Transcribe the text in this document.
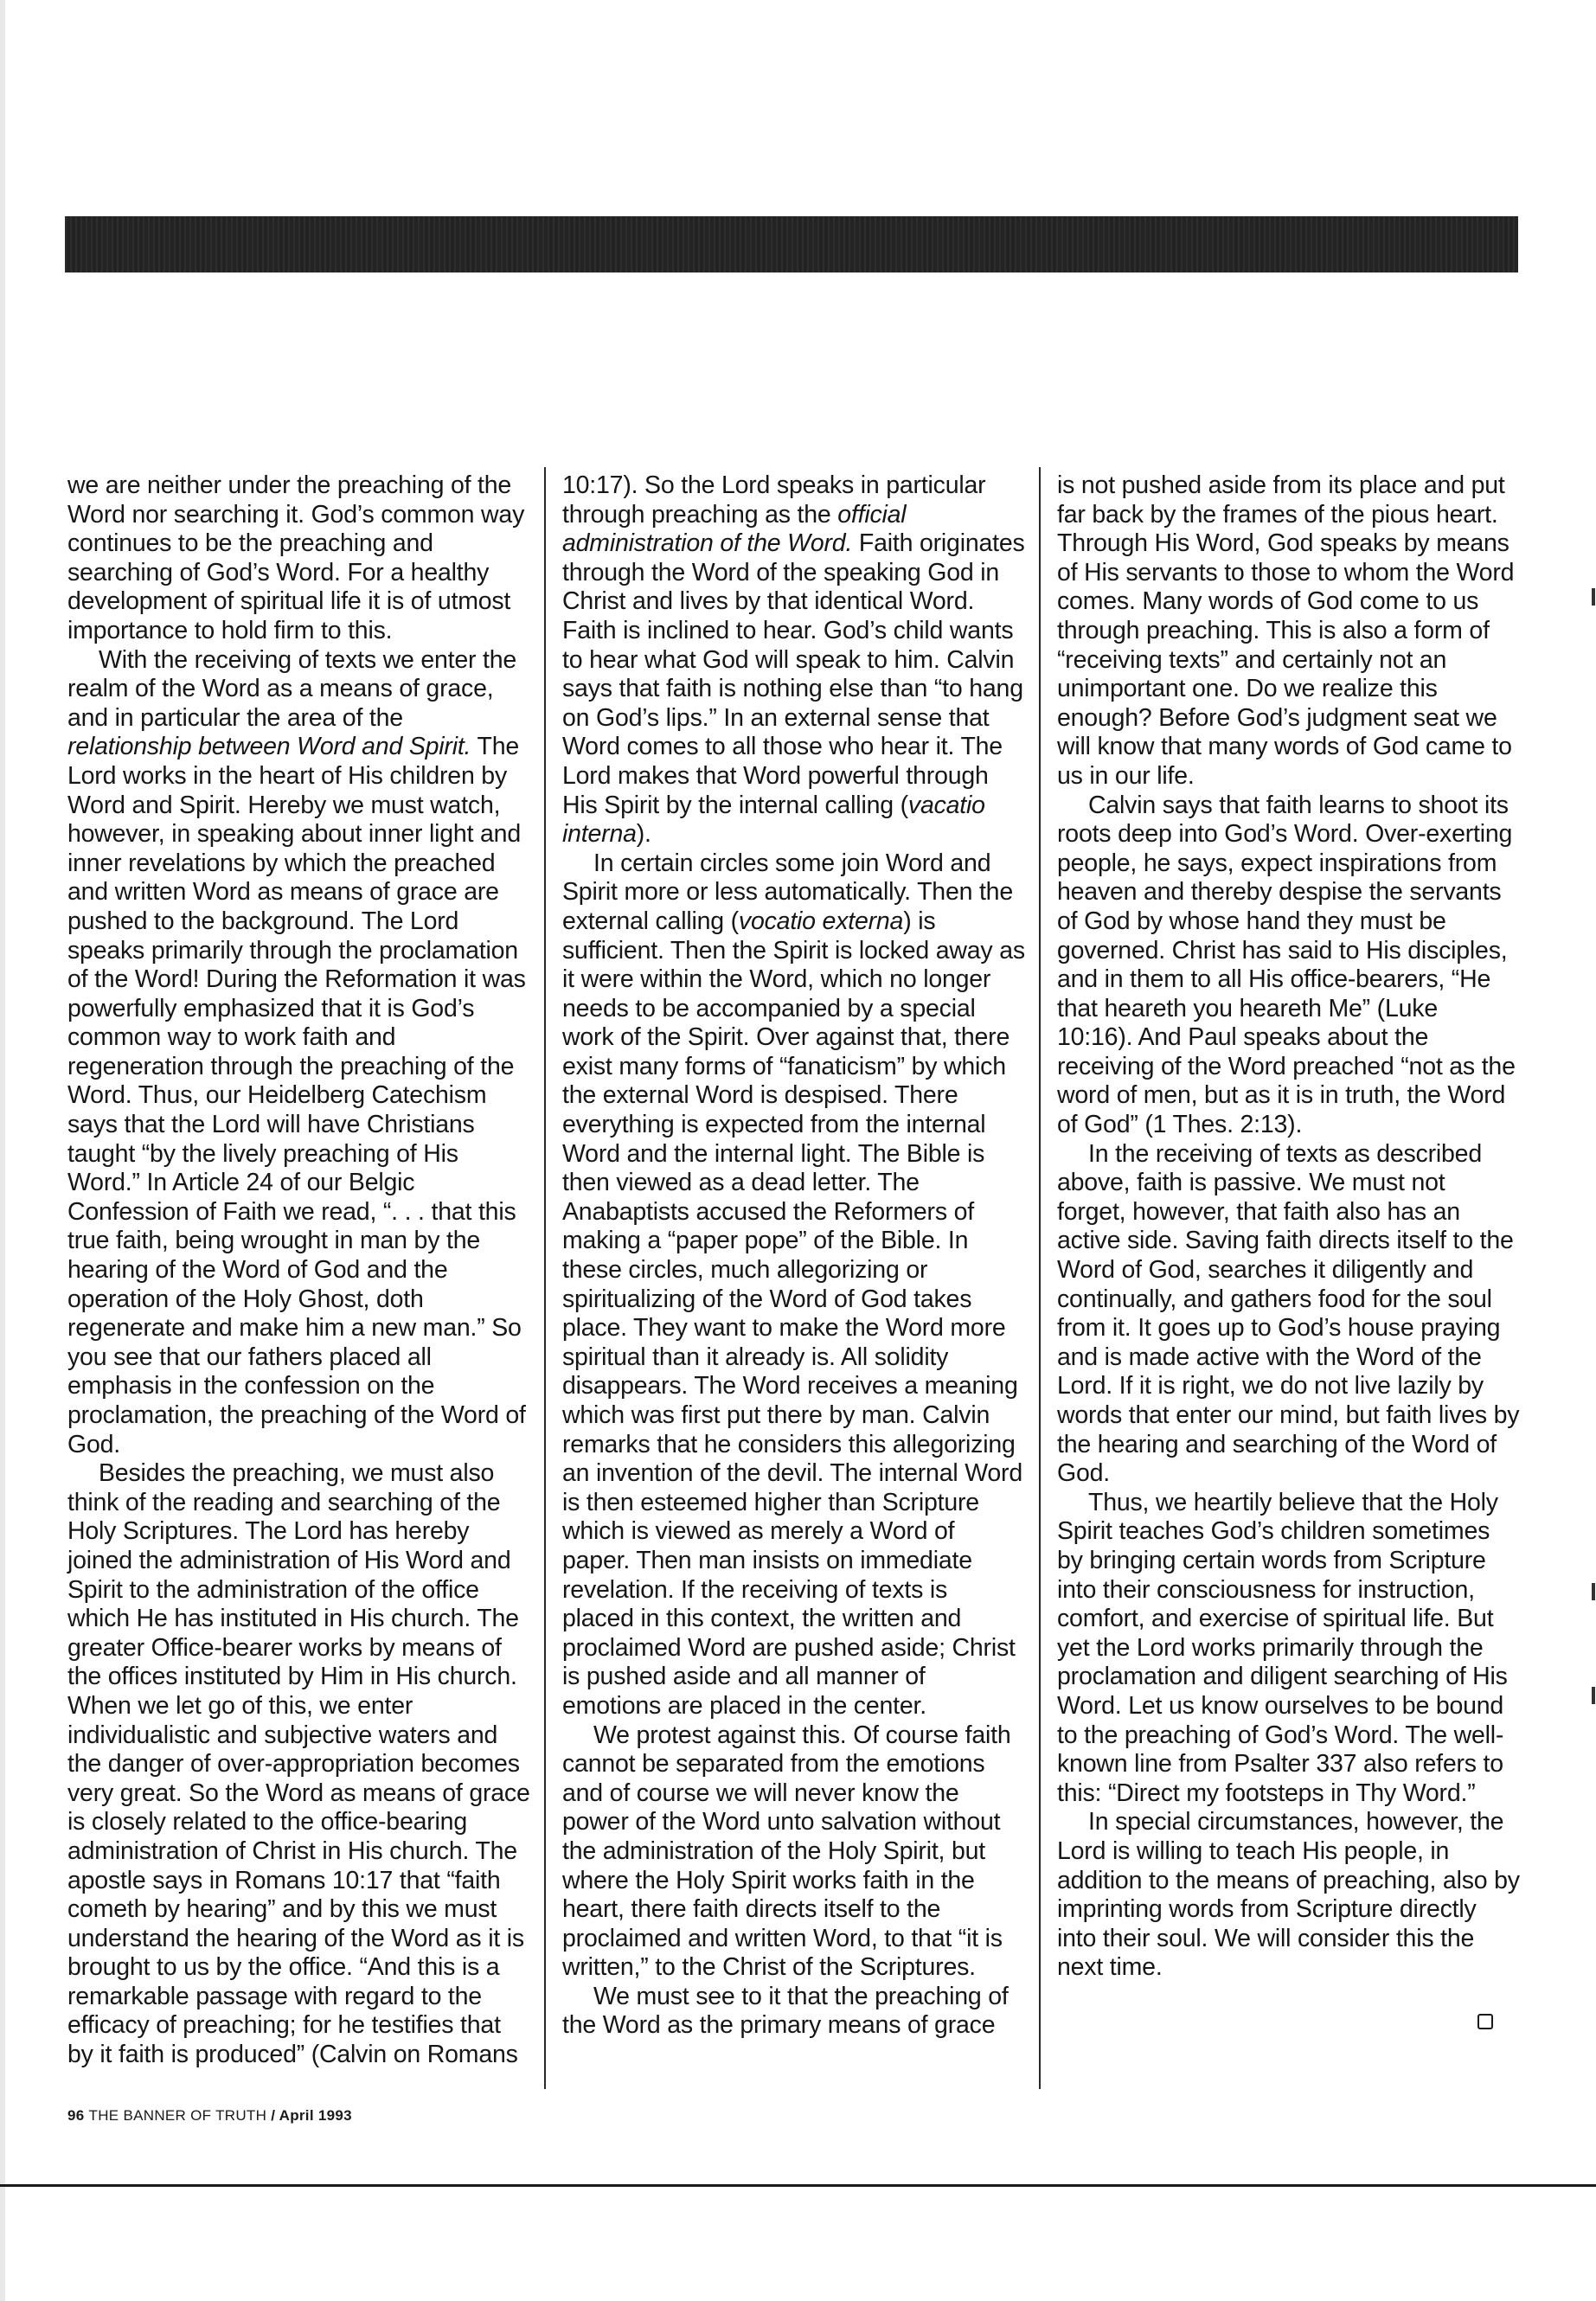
we are neither under the preaching of the Word nor searching it. God’s common way continues to be the preaching and searching of God’s Word. For a healthy development of spiritual life it is of utmost importance to hold firm to this.

With the receiving of texts we enter the realm of the Word as a means of grace, and in particular the area of the relationship between Word and Spirit. The Lord works in the heart of His children by Word and Spirit. Hereby we must watch, however, in speaking about inner light and inner revelations by which the preached and written Word as means of grace are pushed to the background. The Lord speaks primarily through the proclamation of the Word! During the Reformation it was powerfully emphasized that it is God’s common way to work faith and regeneration through the preaching of the Word. Thus, our Heidelberg Catechism says that the Lord will have Christians taught “by the lively preaching of His Word.” In Article 24 of our Belgic Confession of Faith we read, “. . . that this true faith, being wrought in man by the hearing of the Word of God and the operation of the Holy Ghost, doth regenerate and make him a new man.” So you see that our fathers placed all emphasis in the confession on the proclamation, the preaching of the Word of God.

Besides the preaching, we must also think of the reading and searching of the Holy Scriptures. The Lord has hereby joined the administration of His Word and Spirit to the administration of the office which He has instituted in His church. The greater Office-bearer works by means of the offices instituted by Him in His church. When we let go of this, we enter individualistic and subjective waters and the danger of over-appropriation becomes very great. So the Word as means of grace is closely related to the office-bearing administration of Christ in His church. The apostle says in Romans 10:17 that “faith cometh by hearing” and by this we must understand the hearing of the Word as it is brought to us by the office. “And this is a remarkable passage with regard to the efficacy of preaching; for he testifies that by it faith is produced” (Calvin on Romans

10:17). So the Lord speaks in particular through preaching as the official administration of the Word. Faith originates through the Word of the speaking God in Christ and lives by that identical Word. Faith is inclined to hear. God’s child wants to hear what God will speak to him. Calvin says that faith is nothing else than “to hang on God’s lips.” In an external sense that Word comes to all those who hear it. The Lord makes that Word powerful through His Spirit by the internal calling (vacatio interna).

In certain circles some join Word and Spirit more or less automatically. Then the external calling (vocatio externa) is sufficient. Then the Spirit is locked away as it were within the Word, which no longer needs to be accompanied by a special work of the Spirit. Over against that, there exist many forms of “fanaticism” by which the external Word is despised. There everything is expected from the internal Word and the internal light. The Bible is then viewed as a dead letter. The Anabaptists accused the Reformers of making a “paper pope” of the Bible. In these circles, much allegorizing or spiritualizing of the Word of God takes place. They want to make the Word more spiritual than it already is. All solidity disappears. The Word receives a meaning which was first put there by man. Calvin remarks that he considers this allegorizing an invention of the devil. The internal Word is then esteemed higher than Scripture which is viewed as merely a Word of paper. Then man insists on immediate revelation. If the receiving of texts is placed in this context, the written and proclaimed Word are pushed aside; Christ is pushed aside and all manner of emotions are placed in the center.

We protest against this. Of course faith cannot be separated from the emotions and of course we will never know the power of the Word unto salvation without the administration of the Holy Spirit, but where the Holy Spirit works faith in the heart, there faith directs itself to the proclaimed and written Word, to that “it is written,” to the Christ of the Scriptures.

We must see to it that the preaching of the Word as the primary means of grace

is not pushed aside from its place and put far back by the frames of the pious heart. Through His Word, God speaks by means of His servants to those to whom the Word comes. Many words of God come to us through preaching. This is also a form of “receiving texts” and certainly not an unimportant one. Do we realize this enough? Before God’s judgment seat we will know that many words of God came to us in our life.

Calvin says that faith learns to shoot its roots deep into God’s Word. Over-exerting people, he says, expect inspirations from heaven and thereby despise the servants of God by whose hand they must be governed. Christ has said to His disciples, and in them to all His office-bearers, “He that heareth you heareth Me” (Luke 10:16). And Paul speaks about the receiving of the Word preached “not as the word of men, but as it is in truth, the Word of God” (1 Thes. 2:13).

In the receiving of texts as described above, faith is passive. We must not forget, however, that faith also has an active side. Saving faith directs itself to the Word of God, searches it diligently and continually, and gathers food for the soul from it. It goes up to God’s house praying and is made active with the Word of the Lord. If it is right, we do not live lazily by words that enter our mind, but faith lives by the hearing and searching of the Word of God.

Thus, we heartily believe that the Holy Spirit teaches God’s children sometimes by bringing certain words from Scripture into their consciousness for instruction, comfort, and exercise of spiritual life. But yet the Lord works primarily through the proclamation and diligent searching of His Word. Let us know ourselves to be bound to the preaching of God’s Word. The well-known line from Psalter 337 also refers to this: “Direct my footsteps in Thy Word.”

In special circumstances, however, the Lord is willing to teach His people, in addition to the means of preaching, also by imprinting words from Scripture directly into their soul. We will consider this the next time.

96 THE BANNER OF TRUTH / April 1993
